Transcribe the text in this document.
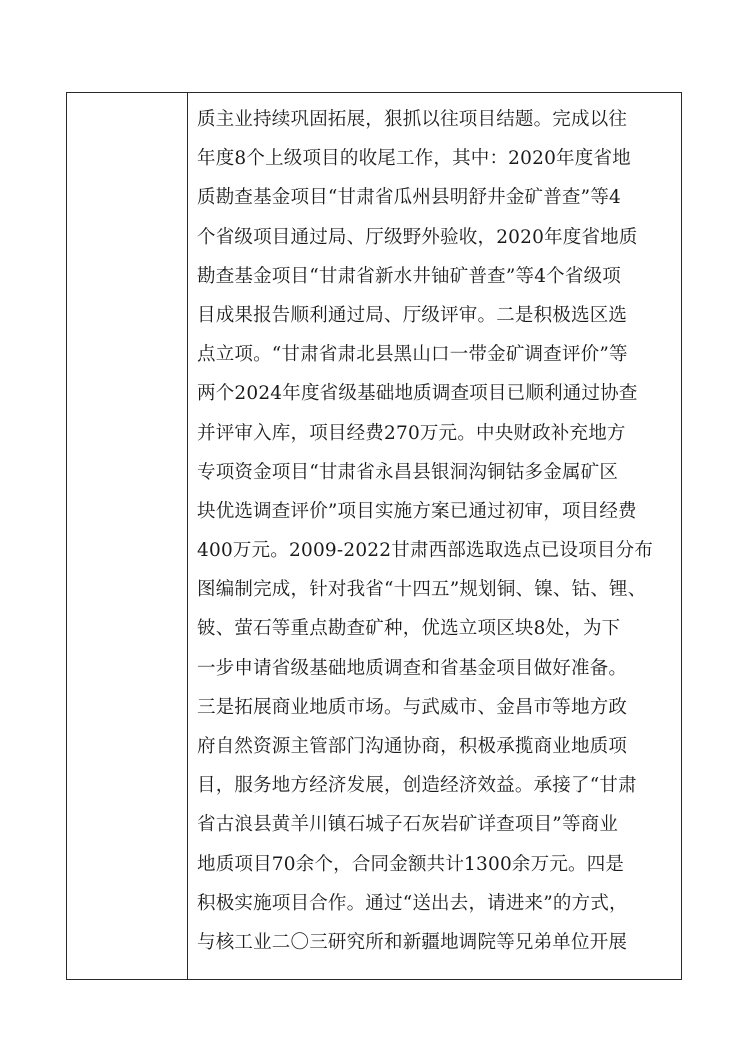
质主业持续巩固拓展，狠抓以往项目结题。完成以往
年度8个上级项目的收尾工作，其中：2020年度省地
质勘查基金项目“甘肃省瓜州县明舒井金矿普查”等4
个省级项目通过局、厅级野外验收，2020年度省地质
勘查基金项目“甘肃省新水井铀矿普查”等4个省级项
目成果报告顺利通过局、厅级评审。二是积极选区选
点立项。“甘肃省肃北县黑山口一带金矿调查评价”等
两个2024年度省级基础地质调查项目已顺利通过协查
并评审入库，项目经费270万元。中央财政补充地方
专项资金项目“甘肃省永昌县银洞沟铜钴多金属矿区
块优选调查评价”项目实施方案已通过初审，项目经费
400万元。2009-2022甘肃西部选取选点已设项目分布
图编制完成，针对我省“十四五”规划铜、镍、钴、锂、
铍、萤石等重点勘查矿种，优选立项区块8处，为下
一步申请省级基础地质调查和省基金项目做好准备。
三是拓展商业地质市场。与武威市、金昌市等地方政
府自然资源主管部门沟通协商，积极承揽商业地质项
目，服务地方经济发展，创造经济效益。承接了“甘肃
省古浪县黄羊川镇石城子石灰岩矿详查项目”等商业
地质项目70余个，合同金额共计1300余万元。四是
积极实施项目合作。通过“送出去，请进来”的方式，
与核工业二〇三研究所和新疆地调院等兄弟单位开展
